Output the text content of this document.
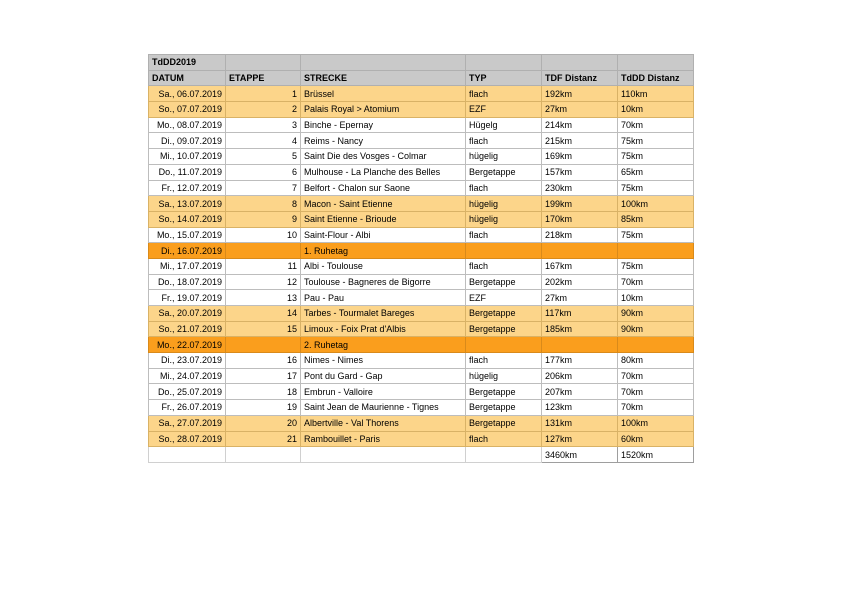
TdDD2019					
DATUM	ETAPPE	STRECKE	TYP	TDF Distanz	TdDD Distanz
Sa., 06.07.2019	1	Brüssel	flach	192km	110km
So., 07.07.2019	2	Palais Royal > Atomium	EZF	27km	10km
Mo., 08.07.2019	3	Binche - Epernay	Hügelg	214km	70km
Di., 09.07.2019	4	Reims - Nancy	flach	215km	75km
Mi., 10.07.2019	5	Saint Die des Vosges - Colmar	hügelig	169km	75km
Do., 11.07.2019	6	Mulhouse - La Planche des Belles	Bergetappe	157km	65km
Fr., 12.07.2019	7	Belfort - Chalon sur Saone	flach	230km	75km
Sa., 13.07.2019	8	Macon - Saint Etienne	hügelig	199km	100km
So., 14.07.2019	9	Saint Etienne - Brioude	hügelig	170km	85km
Mo., 15.07.2019	10	Saint-Flour - Albi	flach	218km	75km
Di., 16.07.2019		1. Ruhetag			
Mi., 17.07.2019	11	Albi - Toulouse	flach	167km	75km
Do., 18.07.2019	12	Toulouse - Bagneres de Bigorre	Bergetappe	202km	70km
Fr., 19.07.2019	13	Pau - Pau	EZF	27km	10km
Sa., 20.07.2019	14	Tarbes - Tourmalet Bareges	Bergetappe	117km	90km
So., 21.07.2019	15	Limoux - Foix Prat d'Albis	Bergetappe	185km	90km
Mo., 22.07.2019		2. Ruhetag			
Di., 23.07.2019	16	Nimes - Nimes	flach	177km	80km
Mi., 24.07.2019	17	Pont du Gard - Gap	hügelig	206km	70km
Do., 25.07.2019	18	Embrun - Valloire	Bergetappe	207km	70km
Fr., 26.07.2019	19	Saint Jean de Maurienne - Tignes	Bergetappe	123km	70km
Sa., 27.07.2019	20	Albertville - Val Thorens	Bergetappe	131km	100km
So., 28.07.2019	21	Rambouillet - Paris	flach	127km	60km
				3460km	1520km
